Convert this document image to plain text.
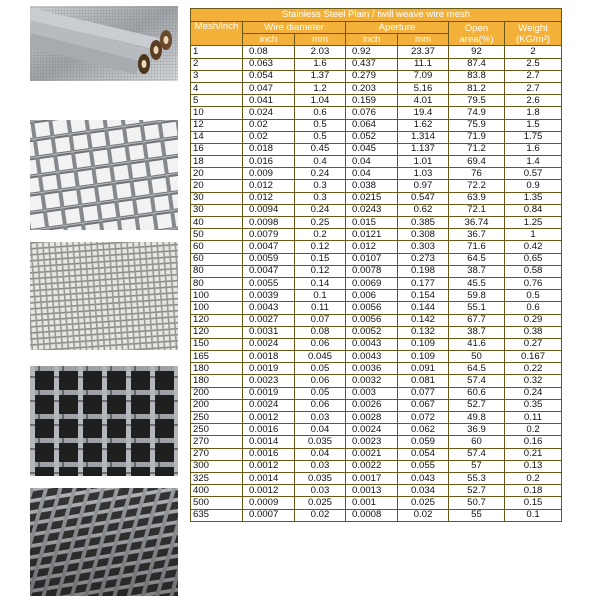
Stainless Steel Plain / twill weave wire mesh						
Mesh/inch	Wire diameter		Aperture		Open area(%)	Weight (KG/m²)
	inch	mm	inch	mm		
1	0.08	2.03	0.92	23.37	92	2
2	0.063	1.6	0.437	11.1	87.4	2.5
3	0.054	1.37	0.279	7.09	83.8	2.7
4	0.047	1.2	0.203	5.16	81.2	2.7
5	0.041	1.04	0.159	4.01	79.5	2.6
10	0.024	0.6	0.076	19.4	74.9	1.8
12	0.02	0.5	0.064	1.62	75.9	1.5
14	0.02	0.5	0.052	1.314	71.9	1.75
16	0.018	0.45	0.045	1.137	71.2	1.6
18	0.016	0.4	0.04	1.01	69.4	1.4
20	0.009	0.24	0.04	1.03	76	0.57
20	0.012	0.3	0.038	0.97	72.2	0.9
30	0.012	0.3	0.0215	0.547	63.9	1.35
30	0.0094	0.24	0.0243	0.62	72.1	0.84
40	0.0098	0.25	0.015	0.385	36.74	1.25
50	0.0079	0.2	0.0121	0.308	36.7	1
60	0.0047	0.12	0.012	0.303	71.6	0.42
60	0.0059	0.15	0.0107	0.273	64.5	0.65
80	0.0047	0.12	0.0078	0.198	38.7	0.58
80	0.0055	0.14	0.0069	0.177	45.5	0.76
100	0.0039	0.1	0.006	0.154	59.8	0.5
100	0.0043	0.11	0.0056	0.144	55.1	0.6
120	0.0027	0.07	0.0056	0.142	67.7	0.29
120	0.0031	0.08	0.0052	0.132	38.7	0.38
150	0.0024	0.06	0.0043	0.109	41.6	0.27
165	0.0018	0.045	0.0043	0.109	50	0.167
180	0.0019	0.05	0.0036	0.091	64.5	0.22
180	0.0023	0.06	0.0032	0.081	57.4	0.32
200	0.0019	0.05	0.003	0.077	60.6	0.24
200	0.0024	0.06	0.0026	0.067	52.7	0.35
250	0.0012	0.03	0.0028	0.072	49.8	0.11
250	0.0016	0.04	0.0024	0.062	36.9	0.2
270	0.0014	0.035	0.0023	0.059	60	0.16
270	0.0016	0.04	0.0021	0.054	57.4	0.21
300	0.0012	0.03	0.0022	0.055	57	0.13
325	0.0014	0.035	0.0017	0.043	55.3	0.2
400	0.0012	0.03	0.0013	0.034	52.7	0.18
500	0.0009	0.025	0.001	0.025	50.7	0.15
635	0.0007	0.02	0.0008	0.02	55	0.1
